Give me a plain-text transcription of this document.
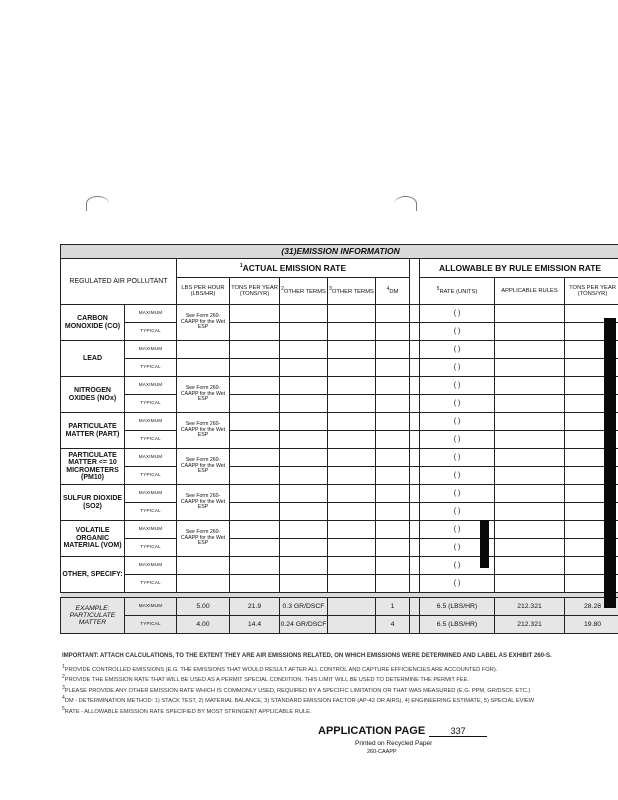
(31)EMISSION INFORMATION										
REGULATED AIR POLLUTANT		$^1$ACTUAL EMISSION RATE						ALLOWABLE BY RULE EMISSION RATE		
		LBS PER HOUR (LBS/HR)	TONS PER YEAR (TONS/YR)	$^2$OTHER TERMS	$^3$OTHER TERMS	$^4$DM		$^5$RATE (UNITS)	APPLICABLE RULES	TONS PER YEAR (TONS/YR)
CARBON MONOXIDE (CO)	MAXIMUM	See Form 260-CAAPP for the Wet ESP						( )		
	TYPICAL							( )		
LEAD	MAXIMUM							( )		
	TYPICAL							( )		
NITROGEN OXIDES (NOx)	MAXIMUM	See Form 260-CAAPP for the Wet ESP						( )		
	TYPICAL							( )		
PARTICULATE MATTER (PART)	MAXIMUM	See Form 260-CAAPP for the Wet ESP						( )		
	TYPICAL							( )		
PARTICULATE MATTER <= 10 MICROMETERS (PM10)	MAXIMUM	See Form 260-CAAPP for the Wet ESP						( )		
	TYPICAL							( )		
SULFUR DIOXIDE (SO2)	MAXIMUM	See Form 260-CAAPP for the Wet ESP						( )		
	TYPICAL							( )		
VOLATILE ORGANIC MATERIAL (VOM)	MAXIMUM	See Form 260-CAAPP for the Wet ESP						( )		
	TYPICAL							( )		
OTHER, SPECIFY:	MAXIMUM							( )		
	TYPICAL							( )		

EXAMPLE: PARTICULATE MATTER	MAXIMUM	5.00	21.9	0.3 GR/DSCF		1		6.5 (LBS/HR)	212.321	28.28
	TYPICAL	4.00	14.4	0.24 GR/DSCF		4		6.5 (LBS/HR)	212.321	19.80
IMPORTANT: ATTACH CALCULATIONS, TO THE EXTENT THEY ARE AIR EMISSIONS RELATED, ON WHICH EMISSIONS WERE DETERMINED AND LABEL AS EXHIBIT 260-S.
$^1$PROVIDE CONTROLLED EMISSIONS (E.G. THE EMISSIONS THAT WOULD RESULT AFTER ALL CONTROL AND CAPTURE EFFICIENCIES ARE ACCOUNTED FOR).
$^2$PROVIDE THE EMISSION RATE THAT WILL BE USED AS A PERMIT SPECIAL CONDITION. THIS LIMIT WILL BE USED TO DETERMINE THE PERMIT FEE.
$^3$PLEASE PROVIDE ANY OTHER EMISSION RATE WHICH IS COMMONLY USED, REQUIRED BY A SPECIFIC LIMITATION OR THAT WAS MEASURED (E.G. PPM, GR/DSCF, ETC.)
$^4$DM - DETERMINATION METHOD: 1) STACK TEST, 2) MATERIAL BALANCE, 3) STANDARD EMISSION FACTOR (AP-42 OR AIRS), 4) ENGINEERING ESTIMATE, 5) SPECIAL EVIEW
$^5$RATE - ALLOWABLE EMISSION RATE SPECIFIED BY MOST STRINGENT APPLICABLE RULE.
APPLICATION PAGE	337
Printed on Recycled Paper
260-CAAPP
